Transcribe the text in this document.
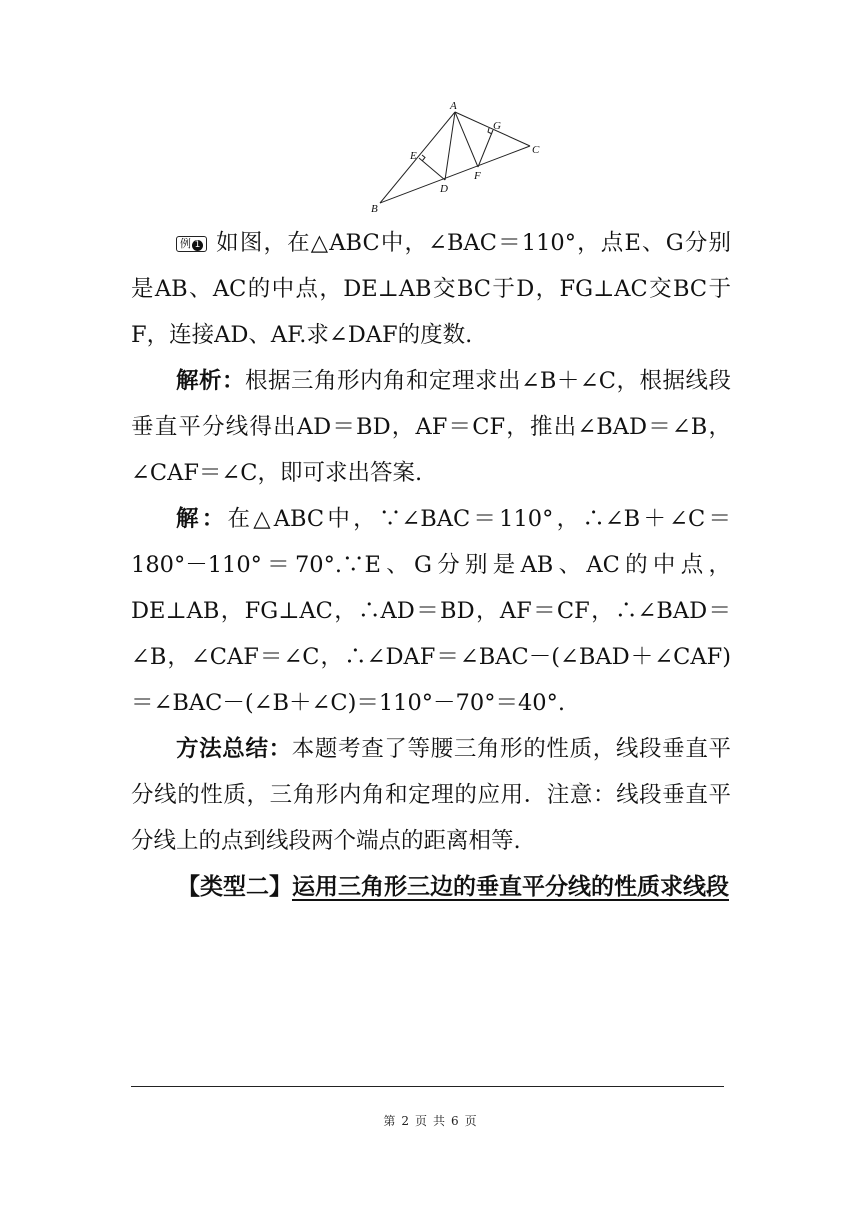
A
B
C
D
E
F
G

例 1 如图，在△ABC中，∠BAC＝110°，点E、G分别是AB、AC的中点，DE⊥AB交BC于D，FG⊥AC交BC于F，连接AD、AF.求∠DAF的度数.

解析：根据三角形内角和定理求出∠B＋∠C，根据线段垂直平分线得出AD＝BD，AF＝CF，推出∠BAD＝∠B，∠CAF＝∠C，即可求出答案.

解：在△ABC中，∵∠BAC＝110°，∴∠B＋∠C＝180°－110°＝70°.∵E、G分别是AB、AC的中点，DE⊥AB，FG⊥AC，∴AD＝BD，AF＝CF，∴∠BAD＝∠B，∠CAF＝∠C，∴∠DAF＝∠BAC－(∠BAD＋∠CAF)＝∠BAC－(∠B＋∠C)＝110°－70°＝40°.

方法总结：本题考查了等腰三角形的性质，线段垂直平分线的性质，三角形内角和定理的应用．注意：线段垂直平分线上的点到线段两个端点的距离相等.

【类型二】运用三角形三边的垂直平分线的性质求线段

第 2 页 共 6 页
